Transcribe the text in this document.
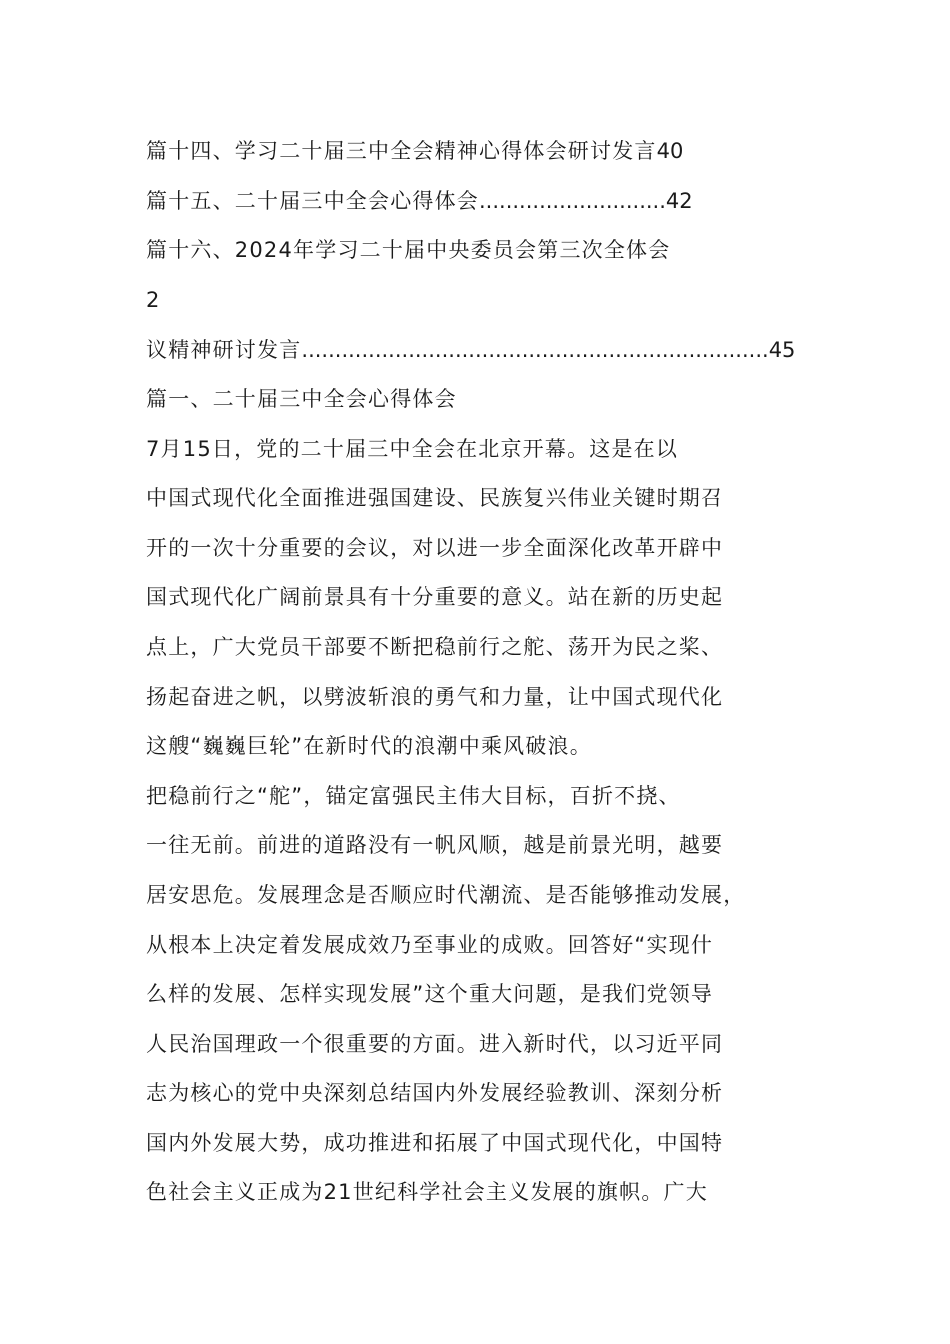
篇十四、学习二十届三中全会精神心得体会研讨发言 40
篇十五、二十届三中全会心得体会 ............................ 42
篇十六、2024年学习二十届中央委员会第三次全体会
2
议精神研讨发言 ...................................................................... 45
篇一、二十届三中全会心得体会
7月15日，党的二十届三中全会在北京开幕。这是在以
中国式现代化全面推进强国建设、民族复兴伟业关键时期召
开的一次十分重要的会议，对以进一步全面深化改革开辟中
国式现代化广阔前景具有十分重要的意义。站在新的历史起
点上，广大党员干部要不断把稳前行之舵、荡开为民之桨、
扬起奋进之帆，以劈波斩浪的勇气和力量，让中国式现代化
这艘“巍巍巨轮”在新时代的浪潮中乘风破浪。
把稳前行之“舵”，锚定富强民主伟大目标，百折不挠、
一往无前。前进的道路没有一帆风顺，越是前景光明，越要
居安思危。发展理念是否顺应时代潮流、是否能够推动发展，
从根本上决定着发展成效乃至事业的成败。回答好“实现什
么样的发展、怎样实现发展”这个重大问题，是我们党领导
人民治国理政一个很重要的方面。进入新时代，以习近平同
志为核心的党中央深刻总结国内外发展经验教训、深刻分析
国内外发展大势，成功推进和拓展了中国式现代化，中国特
色社会主义正成为21世纪科学社会主义发展的旗帜。广大
